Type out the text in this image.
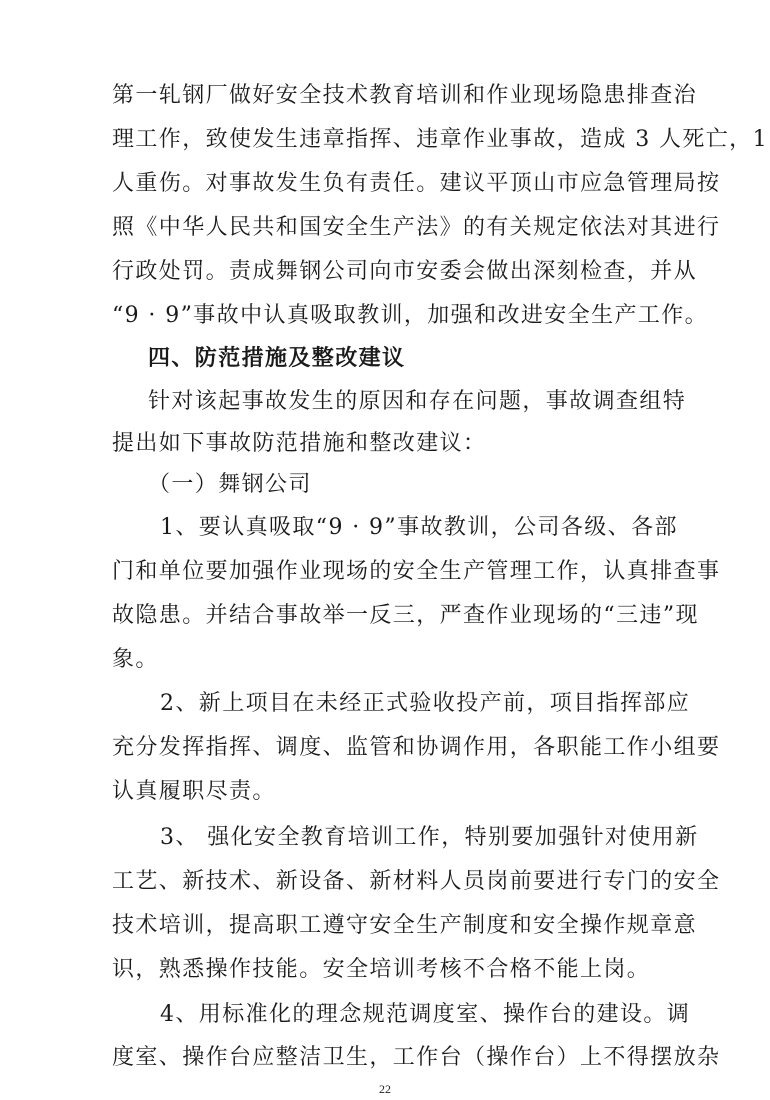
第一轧钢厂做好安全技术教育培训和作业现场隐患排查治
理工作，致使发生违章指挥、违章作业事故，造成 3 人死亡，1
人重伤。对事故发生负有责任。建议平顶山市应急管理局按
照《中华人民共和国安全生产法》的有关规定依法对其进行
行政处罚。责成舞钢公司向市安委会做出深刻检查，并从
“9 · 9”事故中认真吸取教训，加强和改进安全生产工作。
四、防范措施及整改建议
针对该起事故发生的原因和存在问题，事故调查组特
提出如下事故防范措施和整改建议：
（一）舞钢公司
1、要认真吸取“9 · 9”事故教训，公司各级、各部
门和单位要加强作业现场的安全生产管理工作，认真排查事
故隐患。并结合事故举一反三，严查作业现场的“三违”现
象。
2、新上项目在未经正式验收投产前，项目指挥部应
充分发挥指挥、调度、监管和协调作用，各职能工作小组要
认真履职尽责。
3、 强化安全教育培训工作，特别要加强针对使用新
工艺、新技术、新设备、新材料人员岗前要进行专门的安全
技术培训，提高职工遵守安全生产制度和安全操作规章意
识，熟悉操作技能。安全培训考核不合格不能上岗。
4、用标准化的理念规范调度室、操作台的建设。调
度室、操作台应整洁卫生，工作台（操作台）上不得摆放杂
22
